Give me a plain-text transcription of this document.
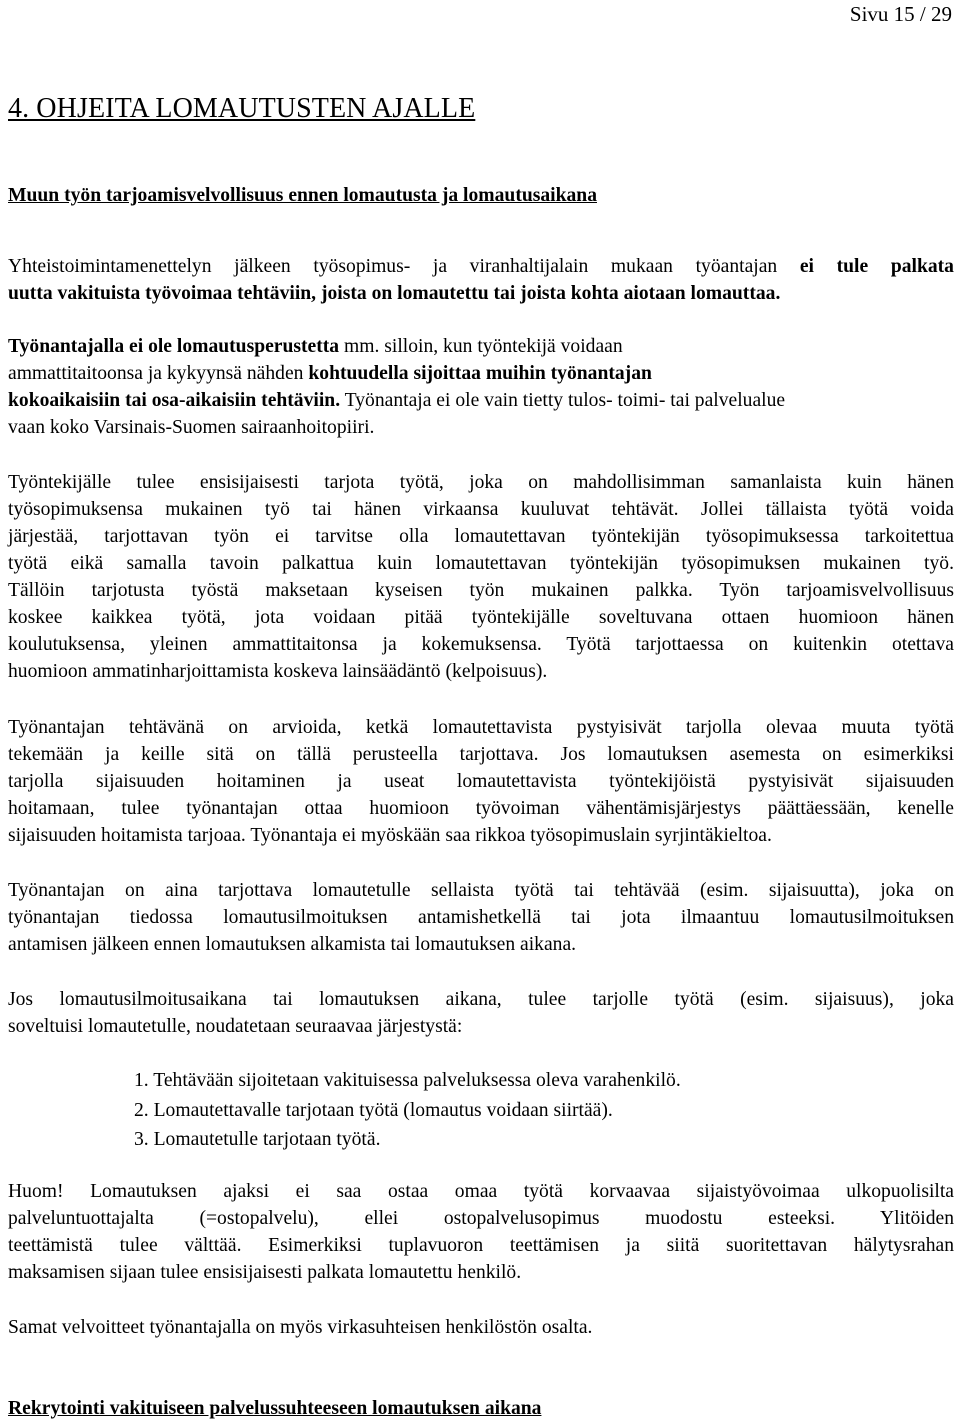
Sivu 15 / 29

4. OHJEITA LOMAUTUSTEN AJALLE
Muun työn tarjoamisvelvollisuus ennen lomautusta ja lomautusaikana

Yhteistoimintamenettelyn jälkeen työsopimus- ja viranhaltijalain mukaan työantajan ei tule palkata
uutta vakituista työvoimaa tehtäviin, joista on lomautettu tai joista kohta aiotaan lomauttaa.

Työnantajalla ei ole lomautusperustetta mm. silloin, kun työntekijä voidaan
ammattitaitoonsa ja kykyynsä nähden kohtuudella sijoittaa muihin työnantajan
kokoaikaisiin tai osa-aikaisiin tehtäviin. Työnantaja ei ole vain tietty tulos- toimi- tai palvelualue
vaan koko Varsinais-Suomen sairaanhoitopiiri.

Työntekijälle tulee ensisijaisesti tarjota työtä, joka on mahdollisimman samanlaista kuin hänen
työsopimuksensa mukainen työ tai hänen virkaansa kuuluvat tehtävät. Jollei tällaista työtä voida
järjestää, tarjottavan työn ei tarvitse olla lomautettavan työntekijän työsopimuksessa tarkoitettua
työtä eikä samalla tavoin palkattua kuin lomautettavan työntekijän työsopimuksen mukainen työ.
Tällöin tarjotusta työstä maksetaan kyseisen työn mukainen palkka. Työn tarjoamisvelvollisuus
koskee kaikkea työtä, jota voidaan pitää työntekijälle soveltuvana ottaen huomioon hänen
koulutuksensa, yleinen ammattitaitonsa ja kokemuksensa. Työtä tarjottaessa on kuitenkin otettava
huomioon ammatinharjoittamista koskeva lainsäädäntö (kelpoisuus).

Työnantajan tehtävänä on arvioida, ketkä lomautettavista pystyisivät tarjolla olevaa muuta työtä
tekemään ja keille sitä on tällä perusteella tarjottava. Jos lomautuksen asemesta on esimerkiksi
tarjolla sijaisuuden hoitaminen ja useat lomautettavista työntekijöistä pystyisivät sijaisuuden
hoitamaan, tulee työnantajan ottaa huomioon työvoiman vähentämisjärjestys päättäessään, kenelle
sijaisuuden hoitamista tarjoaa. Työnantaja ei myöskään saa rikkoa työsopimuslain syrjintäkieltoa.

Työnantajan on aina tarjottava lomautetulle sellaista työtä tai tehtävää (esim. sijaisuutta), joka on
työnantajan tiedossa lomautusilmoituksen antamishetkellä tai jota ilmaantuu lomautusilmoituksen
antamisen jälkeen ennen lomautuksen alkamista tai lomautuksen aikana.

Jos lomautusilmoitusaikana tai lomautuksen aikana, tulee tarjolle työtä (esim. sijaisuus), joka
soveltuisi lomautetulle, noudatetaan seuraavaa järjestystä:

1. Tehtävään sijoitetaan vakituisessa palveluksessa oleva varahenkilö.
2. Lomautettavalle tarjotaan työtä (lomautus voidaan siirtää).
3. Lomautetulle tarjotaan työtä.

Huom! Lomautuksen ajaksi ei saa ostaa omaa työtä korvaavaa sijaistyövoimaa ulkopuolisilta
palveluntuottajalta (=ostopalvelu), ellei ostopalvelusopimus muodostu esteeksi. Ylitöiden
teettämistä tulee välttää. Esimerkiksi tuplavuoron teettämisen ja siitä suoritettavan hälytysrahan
maksamisen sijaan tulee ensisijaisesti palkata lomautettu henkilö.

Samat velvoitteet työnantajalla on myös virkasuhteisen henkilöstön osalta.

Rekrytointi vakituiseen palvelussuhteeseen lomautuksen aikana
